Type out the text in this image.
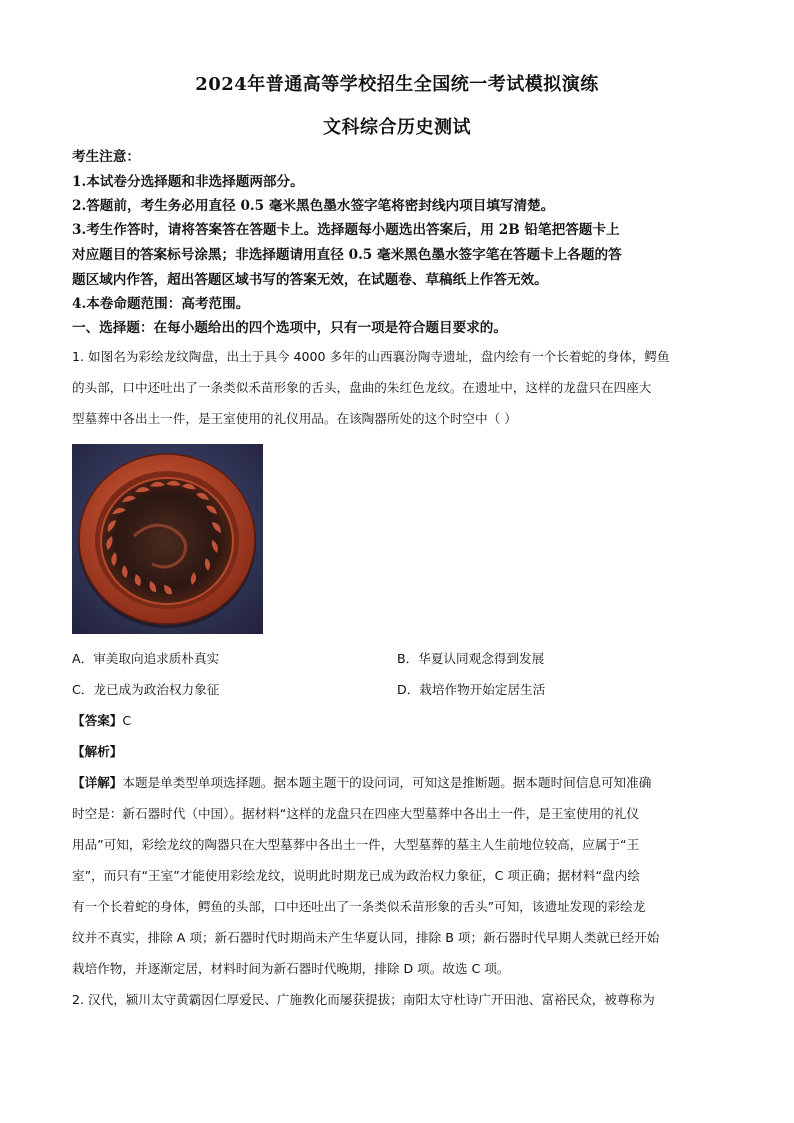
2024年普通高等学校招生全国统一考试模拟演练
文科综合历史测试
考生注意：
1.本试卷分选择题和非选择题两部分。
2.答题前，考生务必用直径 0.5 毫米黑色墨水签字笔将密封线内项目填写清楚。
3.考生作答时，请将答案答在答题卡上。选择题每小题选出答案后，用 2B 铅笔把答题卡上
对应题目的答案标号涂黑；非选择题请用直径 0.5 毫米黑色墨水签字笔在答题卡上各题的答
题区域内作答，超出答题区域书写的答案无效，在试题卷、草稿纸上作答无效。
4.本卷命题范围：高考范围。
一、选择题：在每小题给出的四个选项中，只有一项是符合题目要求的。
1. 如图名为彩绘龙纹陶盘，出土于具今 4000 多年的山西襄汾陶寺遗址，盘内绘有一个长着蛇的身体，鳄鱼
的头部，口中还吐出了一条类似禾苗形象的舌头，盘曲的朱红色龙纹。在遗址中，这样的龙盘只在四座大
型墓葬中各出土一件，是王室使用的礼仪用品。在该陶器所处的这个时空中（ ）
A．审美取向追求质朴真实	B．华夏认同观念得到发展
C．龙已成为政治权力象征	D．栽培作物开始定居生活
【答案】C
【解析】
【详解】本题是单类型单项选择题。据本题主题干的设问词，可知这是推断题。据本题时间信息可知准确
时空是：新石器时代（中国）。据材料“这样的龙盘只在四座大型墓葬中各出土一件，是王室使用的礼仪
用品”可知，彩绘龙纹的陶器只在大型墓葬中各出土一件，大型墓葬的墓主人生前地位较高，应属于“王
室”，而只有“王室”才能使用彩绘龙纹，说明此时期龙已成为政治权力象征，C 项正确；据材料“盘内绘
有一个长着蛇的身体，鳄鱼的头部，口中还吐出了一条类似禾苗形象的舌头”可知，该遗址发现的彩绘龙
纹并不真实，排除 A 项；新石器时代时期尚未产生华夏认同，排除 B 项；新石器时代早期人类就已经开始
栽培作物，并逐渐定居，材料时间为新石器时代晚期，排除 D 项。故选 C 项。
2. 汉代，颍川太守黄霸因仁厚爱民、广施教化而屡获提拔；南阳太守杜诗广开田池、富裕民众，被尊称为
